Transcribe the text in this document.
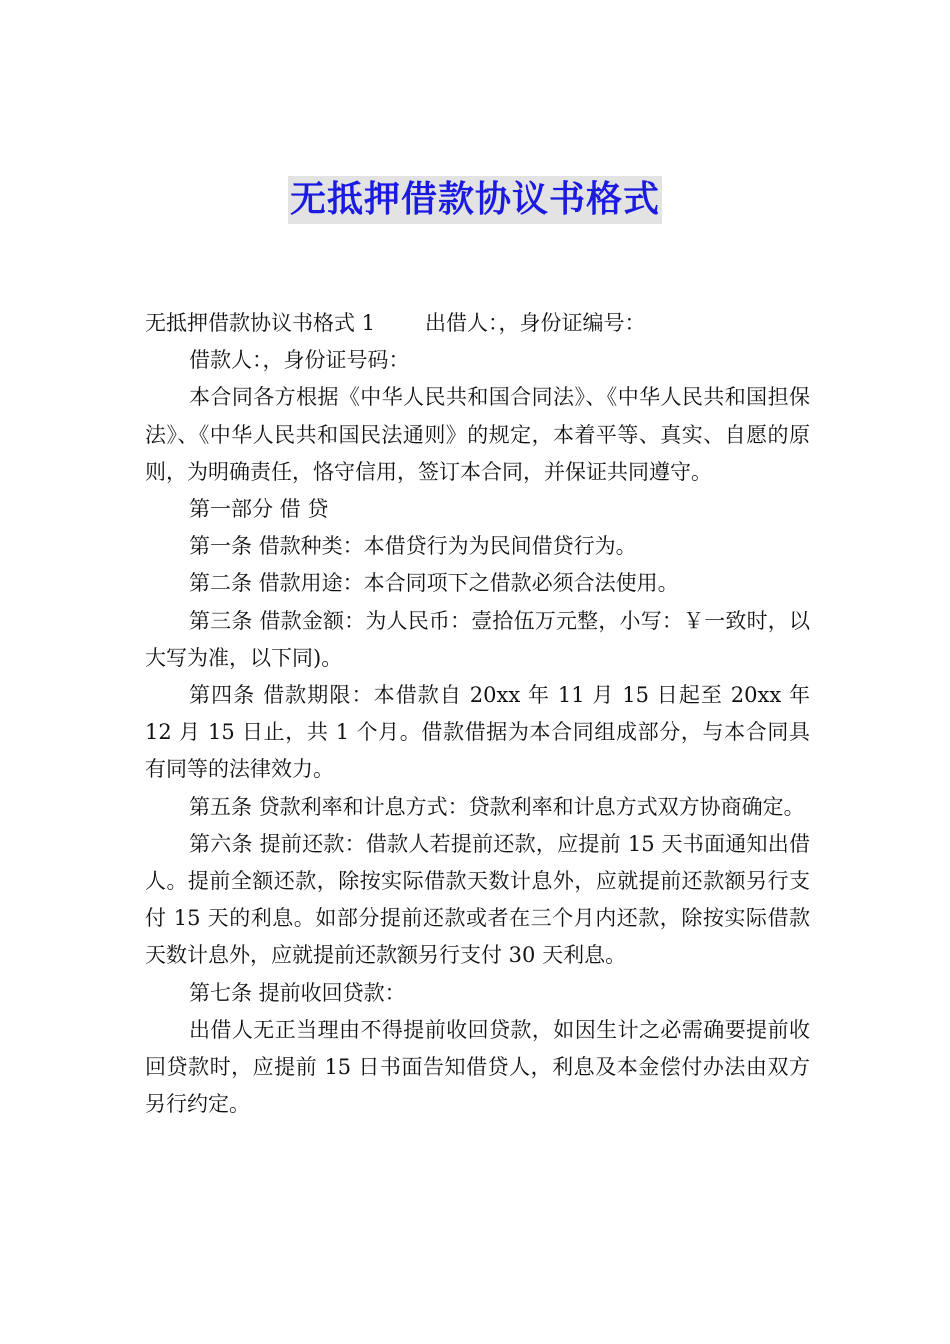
无抵押借款协议书格式

无抵押借款协议书格式 1 出借人：，身份证编号：

借款人：，身份证号码：

本合同各方根据《中华人民共和国合同法》、《中华人民共和国担保法》、《中华人民共和国民法通则》的规定，本着平等、真实、自愿的原则，为明确责任，恪守信用，签订本合同，并保证共同遵守。

第一部分 借 贷

第一条 借款种类：本借贷行为为民间借贷行为。

第二条 借款用途：本合同项下之借款必须合法使用。

第三条 借款金额：为人民币：壹拾伍万元整，小写：￥一致时，以大写为准，以下同)。

第四条 借款期限：本借款自 20xx 年 11 月 15 日起至 20xx 年 12 月 15 日止，共 1 个月。借款借据为本合同组成部分，与本合同具有同等的法律效力。

第五条 贷款利率和计息方式：贷款利率和计息方式双方协商确定。

第六条 提前还款：借款人若提前还款，应提前 15 天书面通知出借人。提前全额还款，除按实际借款天数计息外，应就提前还款额另行支付 15 天的利息。如部分提前还款或者在三个月内还款，除按实际借款天数计息外，应就提前还款额另行支付 30 天利息。

第七条 提前收回贷款：

出借人无正当理由不得提前收回贷款，如因生计之必需确要提前收回贷款时，应提前 15 日书面告知借贷人，利息及本金偿付办法由双方另行约定。
